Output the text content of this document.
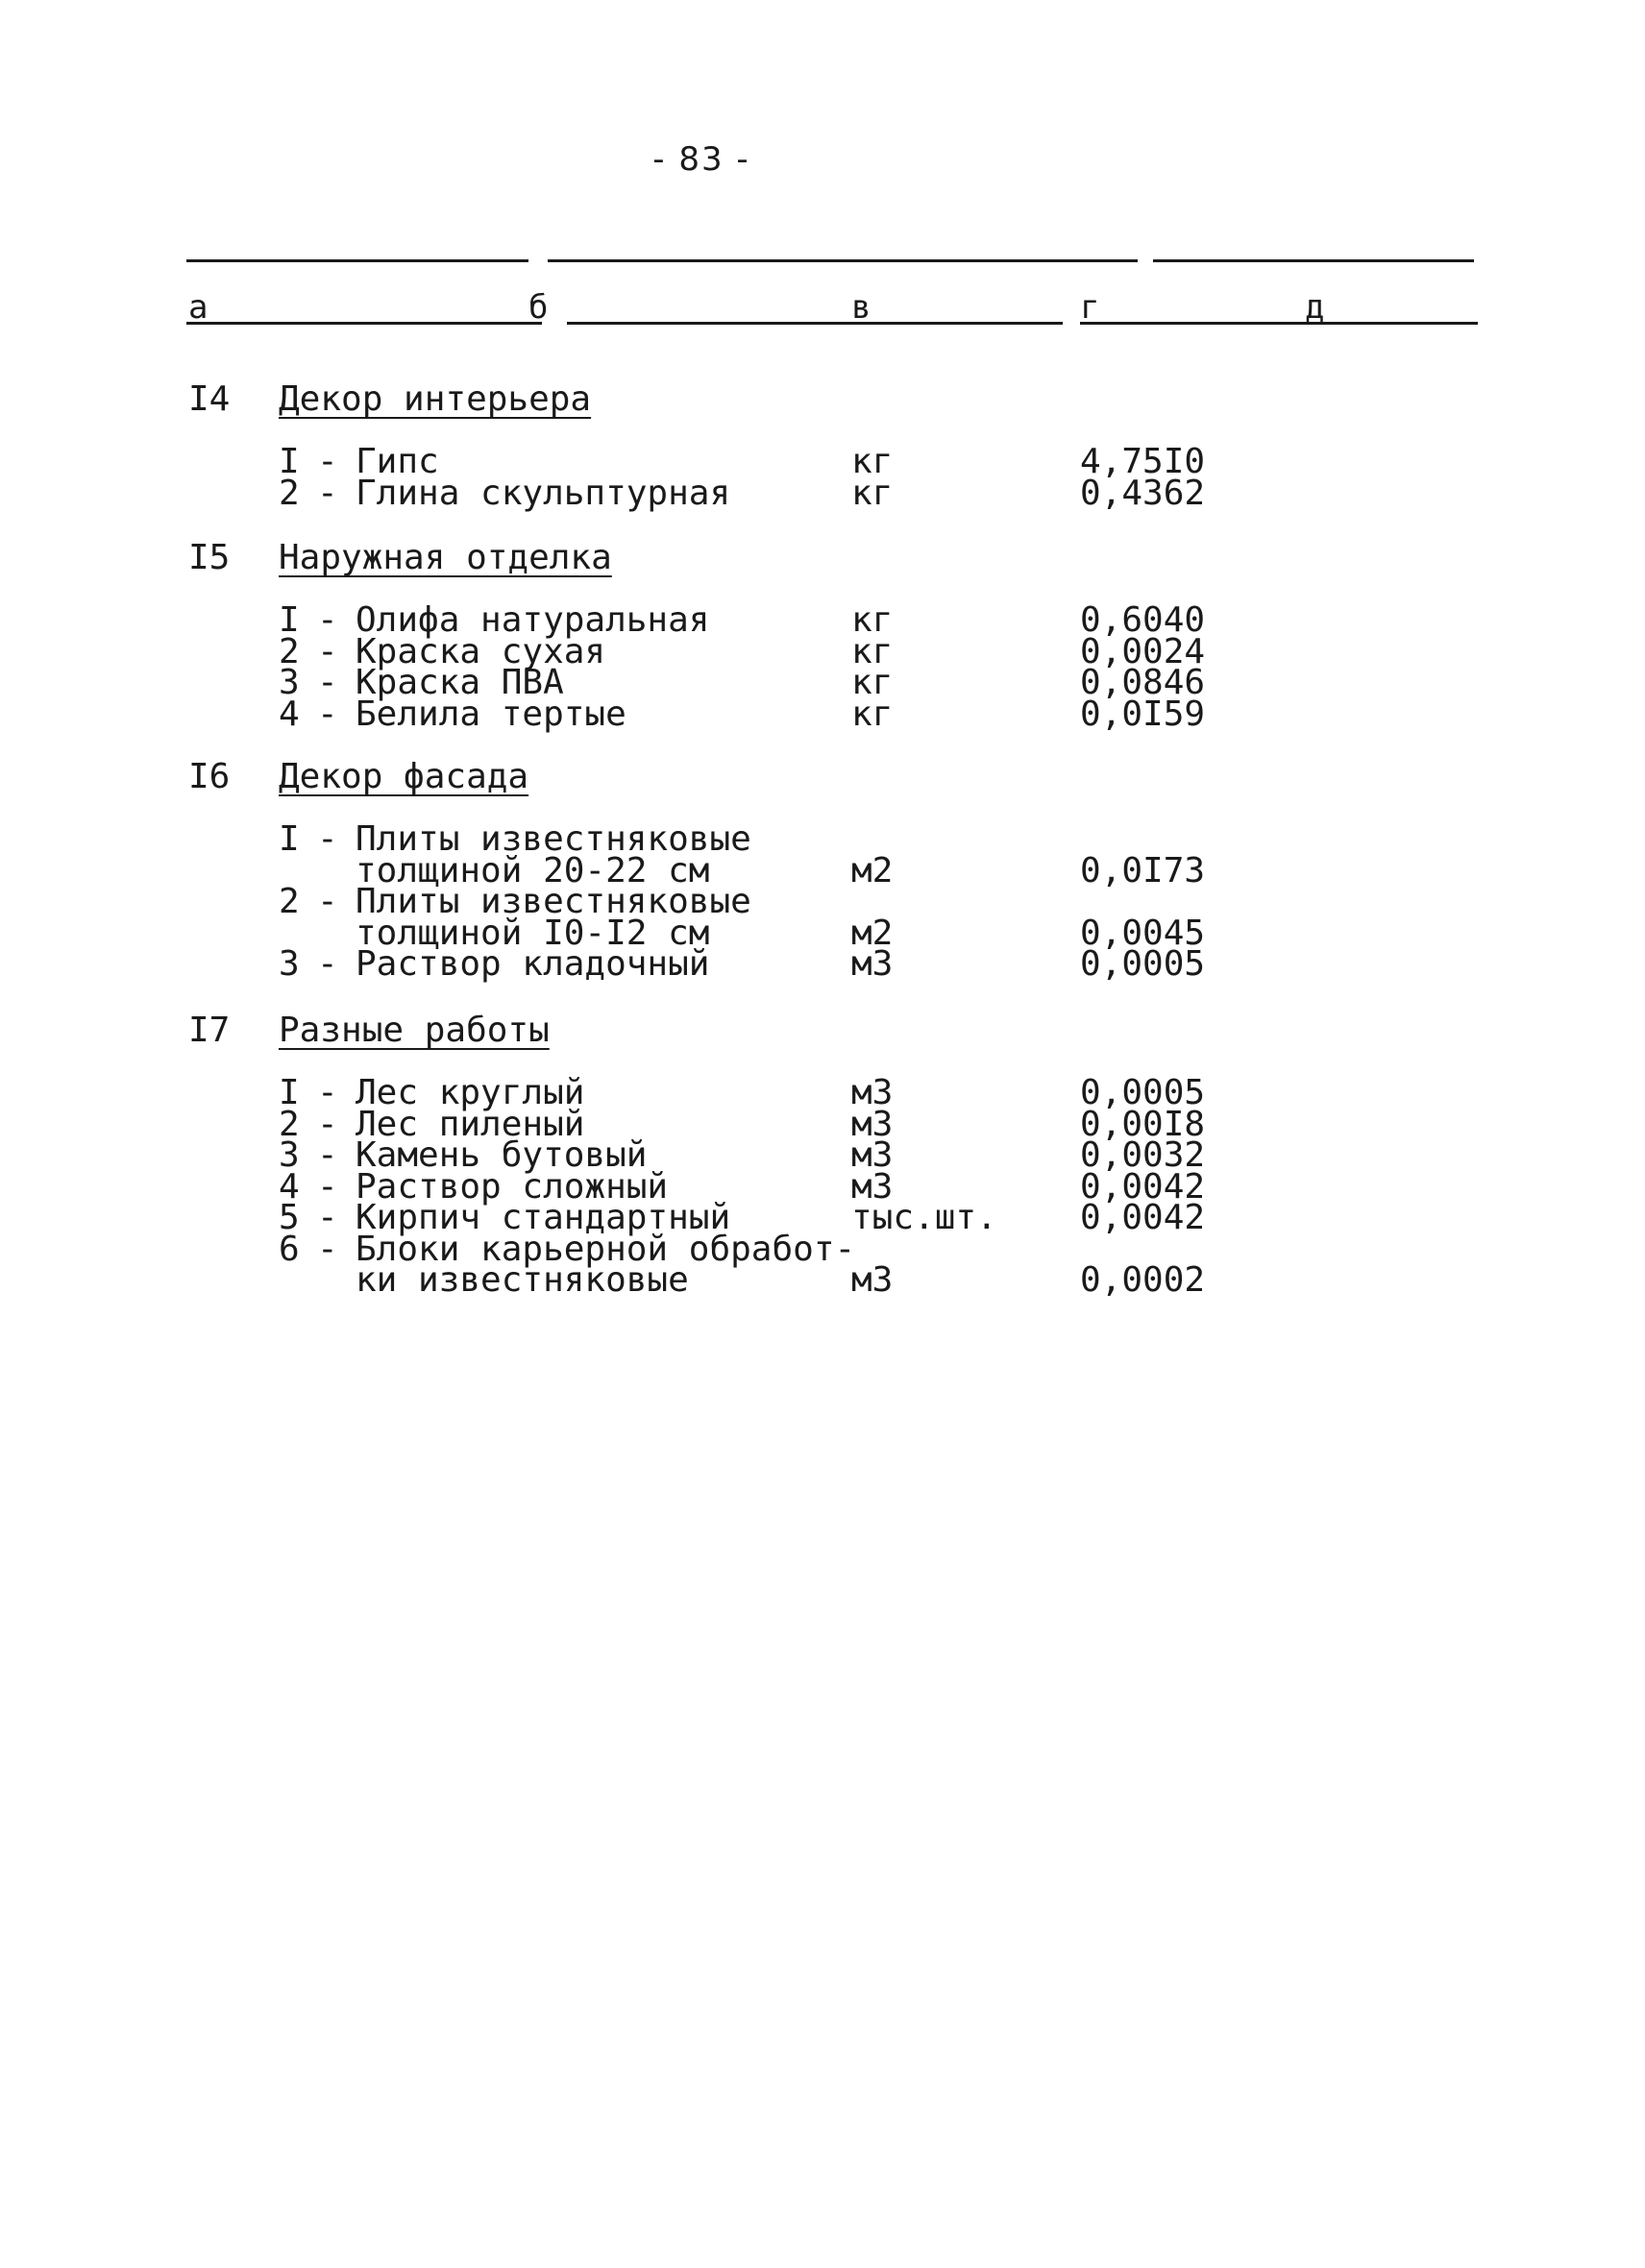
- 83 -
а	б	в	г	д
I4 Декор интерьера
I - Гипс	кг	4,75I0
2 - Глина скульптурная	кг	0,4362
I5 Наружная отделка
I - Олифа натуральная	кг	0,6040
2 - Краска сухая	кг	0,0024
3 - Краска ПВА	кг	0,0846
4 - Белила тертые	кг	0,0I59
I6 Декор фасада
I - Плиты известняковые
толщиной 20-22 см	м2	0,0I73
2 - Плиты известняковые
толщиной I0-I2 см	м2	0,0045
3 - Раствор кладочный	м3	0,0005
I7 Разные работы
I - Лес круглый	м3	0,0005
2 - Лес пиленый	м3	0,00I8
3 - Камень бутовый	м3	0,0032
4 - Раствор сложный	м3	0,0042
5 - Кирпич стандартный	тыс.шт. 0,0042
6 - Блоки карьерной обработ-
ки известняковые	м3	0,0002
